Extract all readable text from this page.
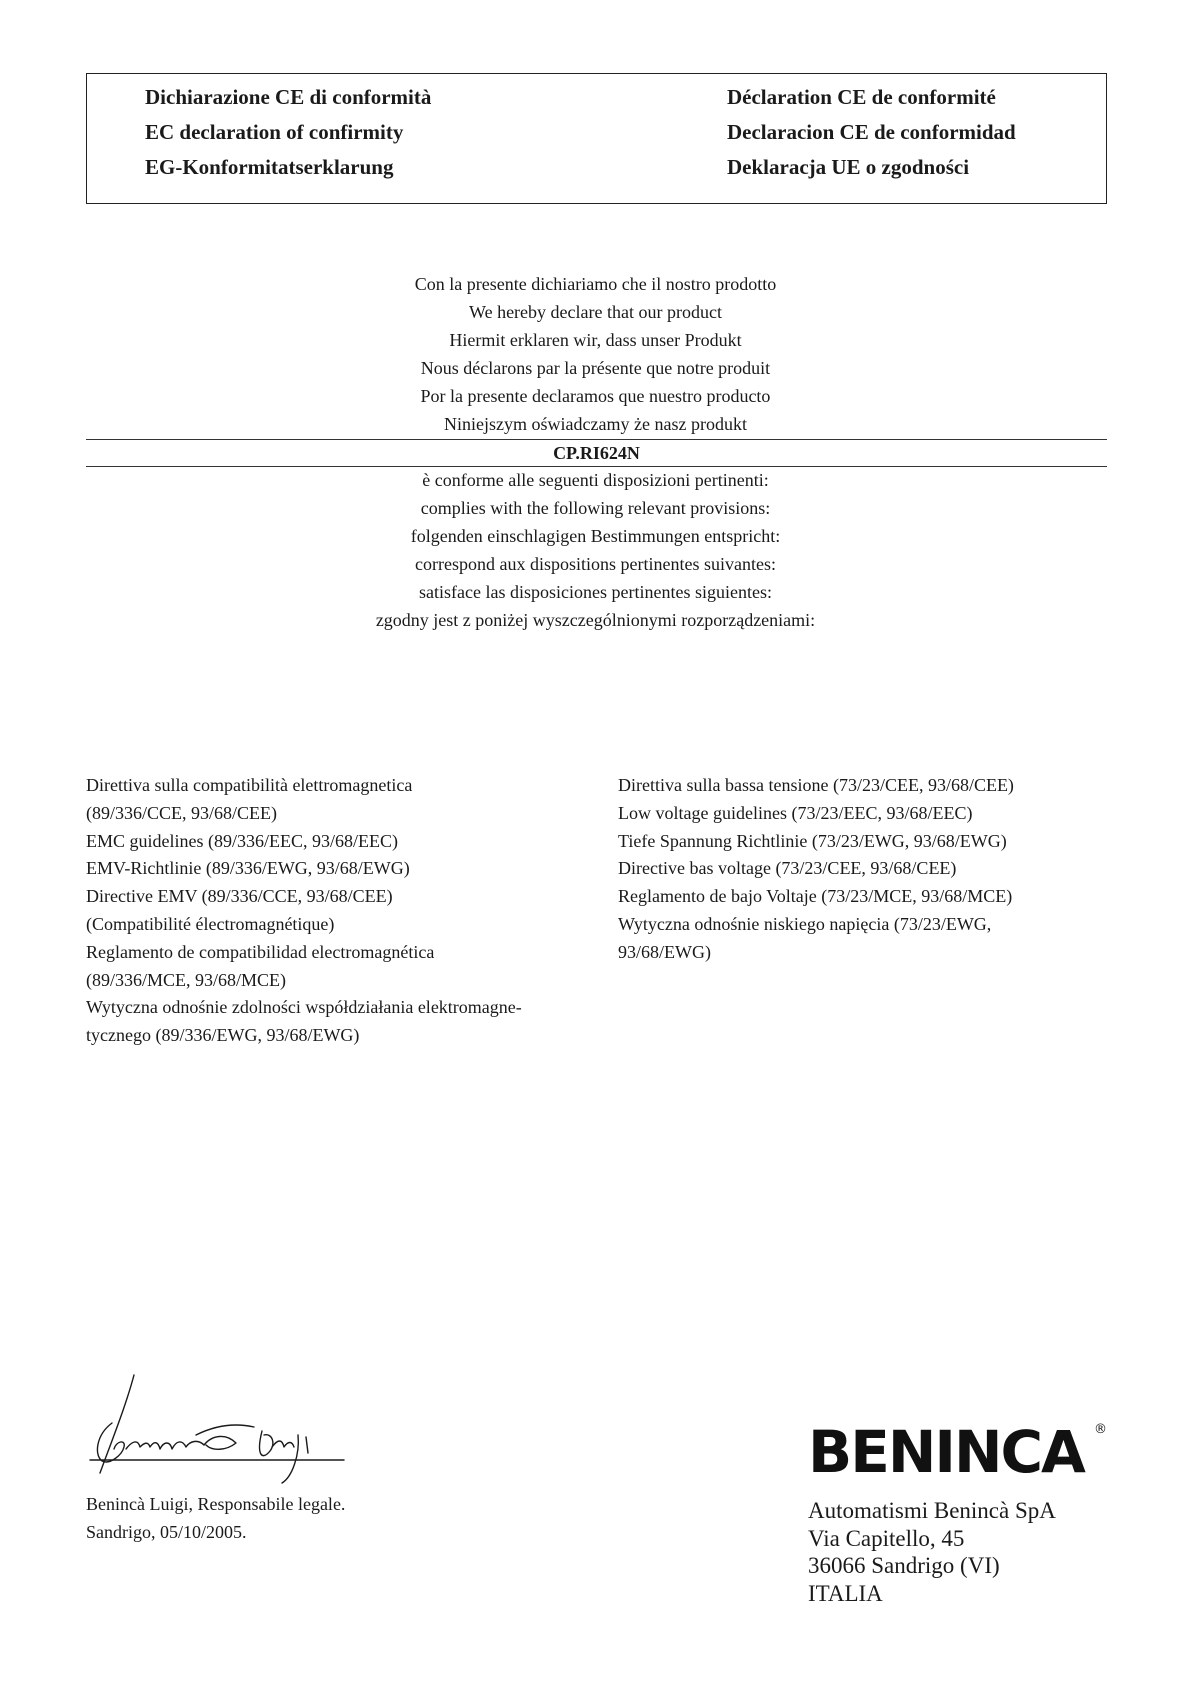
Dichiarazione CE di conformità
EC declaration of confirmity
EG-Konformitatserklarung
Déclaration CE de conformité
Declaracion CE de conformidad
Deklaracja UE o zgodności
Con la presente dichiariamo che il nostro prodotto
We hereby declare that our product
Hiermit erklaren wir, dass unser Produkt
Nous déclarons par la présente que notre produit
Por la presente declaramos que nuestro producto
Niniejszym oświadczamy że nasz produkt
CP.RI624N
è conforme alle seguenti disposizioni pertinenti:
complies with the following relevant provisions:
folgenden einschlagigen Bestimmungen entspricht:
correspond aux dispositions pertinentes suivantes:
satisface las disposiciones pertinentes siguientes:
zgodny jest z poniżej wyszczególnionymi rozporządzeniami:
Direttiva sulla compatibilità elettromagnetica
(89/336/CCE, 93/68/CEE)
EMC guidelines (89/336/EEC, 93/68/EEC)
EMV-Richtlinie (89/336/EWG, 93/68/EWG)
Directive EMV (89/336/CCE, 93/68/CEE)
(Compatibilité électromagnétique)
Reglamento de compatibilidad electromagnética
(89/336/MCE, 93/68/MCE)
Wytyczna odnośnie zdolności współdziałania elektromagne-
tycznego (89/336/EWG, 93/68/EWG)
Direttiva sulla bassa tensione (73/23/CEE, 93/68/CEE)
Low voltage guidelines (73/23/EEC, 93/68/EEC)
Tiefe Spannung Richtlinie (73/23/EWG, 93/68/EWG)
Directive bas voltage (73/23/CEE, 93/68/CEE)
Reglamento de bajo Voltaje (73/23/MCE, 93/68/MCE)
Wytyczna odnośnie niskiego napięcia (73/23/EWG,
93/68/EWG)
Benincà Luigi, Responsabile legale.
Sandrigo, 05/10/2005.
BENINCA ®
Automatismi Benincà SpA
Via Capitello, 45
36066 Sandrigo (VI)
ITALIA
